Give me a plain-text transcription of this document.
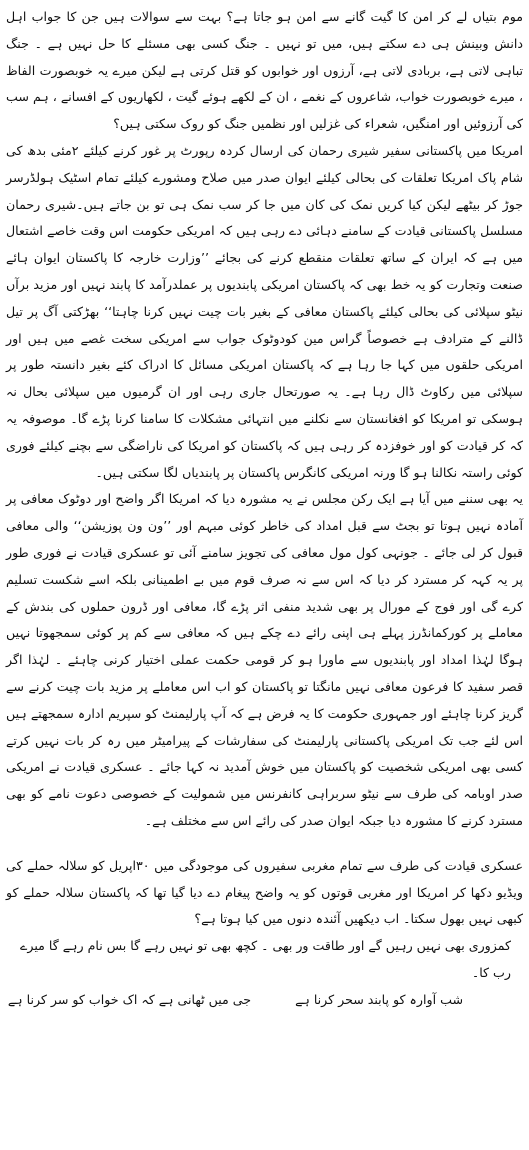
موم بتیاں لے کر امن کا گیت گانے سے امن ہو جاتا ہے؟ بہت سے سوالات ہیں جن کا جواب اہل دانش وبینش ہی دے سکتے ہیں، میں تو نہیں ۔ جنگ کسی بھی مسئلے کا حل نہیں ہے ۔ جنگ تباہی لاتی ہے، بربادی لاتی ہے، آرزوں اور خوابوں کو قتل کرتی ہے لیکن میرے یہ خوبصورت الفاظ ، میرے خوبصورت خواب، شاعروں کے نغمے ، ان کے لکھے ہوئے گیت ، لکھاریوں کے افسانے ، ہم سب کی آرزوئیں اور امنگیں، شعراء کی غزلیں اور نظمیں جنگ کو روک سکتی ہیں؟

امریکا میں پاکستانی سفیر شیری رحمان کی ارسال کردہ رپورٹ پر غور کرنے کیلئے ۲مئی بدھ کی شام پاک امریکا تعلقات کی بحالی کیلئے ایوان صدر میں صلاح ومشورے کیلئے تمام اسٹیک ہولڈرسر جوڑ کر بیٹھے لیکن کیا کریں نمک کی کان میں جا کر سب نمک ہی تو بن جاتے ہیں۔شیری رحمان مسلسل پاکستانی قیادت کے سامنے دہائی دے رہی ہیں کہ امریکی حکومت اس وقت خاصے اشتعال میں ہے کہ ایران کے ساتھ تعلقات منقطع کرنے کی بجائے ’’وزارت خارجہ کا پاکستان ایوان ہائے صنعت وتجارت کو یہ خط بھی کہ پاکستان امریکی پابندیوں پر عملدرآمد کا پابند نہیں اور مزید برآں نیٹو سپلائی کی بحالی کیلئے پاکستان معافی کے بغیر بات چیت نہیں کرنا چاہتا‘‘ بھڑکتی آگ پر تیل ڈالنے کے مترادف ہے خصوصاً گراس مین کودوٹوک جواب سے امریکی سخت غصے میں ہیں اور امریکی حلقوں میں کہا جا رہا ہے کہ پاکستان امریکی مسائل کا ادراک کئے بغیر دانستہ طور پر سپلائی میں رکاوٹ ڈال رہا ہے۔ یہ صورتحال جاری رہی اور ان گرمیوں میں سپلائی بحال نہ ہوسکی تو امریکا کو افغانستان سے نکلنے میں انتہائی مشکلات کا سامنا کرنا پڑے گا۔ موصوفہ یہ کہ کر قیادت کو اور خوفزدہ کر رہی ہیں کہ پاکستان کو امریکا کی ناراضگی سے بچنے کیلئے فوری کوئی راستہ نکالنا ہو گا ورنہ امریکی کانگرس پاکستان پر پابندیاں لگا سکتی ہیں۔

یہ بھی سننے میں آیا ہے ایک رکن مجلس نے یہ مشورہ دیا کہ امریکا اگر واضح اور دوٹوک معافی پر آمادہ نہیں ہوتا تو بجٹ سے قبل امداد کی خاطر کوئی مبہم اور ’’ون ون پوزیشن‘‘ والی معافی قبول کر لی جائے ۔ جونہی کول مول معافی کی تجویز سامنے آئی تو عسکری قیادت نے فوری طور پر یہ کہہ کر مسترد کر دیا کہ اس سے نہ صرف قوم میں بے اطمینانی بلکہ اسے شکست تسلیم کرے گی اور فوج کے مورال پر بھی شدید منفی اثر پڑے گا، معافی اور ڈرون حملوں کی بندش کے معاملے پر کورکمانڈرز پہلے ہی اپنی رائے دے چکے ہیں کہ معافی سے کم پر کوئی سمجھوتا نہیں ہوگا لہٰذا امداد اور پابندیوں سے ماورا ہو کر قومی حکمت عملی اختیار کرنی چاہئے ۔ لہٰذا اگر قصر سفید کا فرعون معافی نہیں مانگتا تو پاکستان کو اب اس معاملے پر مزید بات چیت کرنے سے گریز کرنا چاہئے اور جمہوری حکومت کا یہ فرض ہے کہ آپ پارلیمنٹ کو سپریم ادارہ سمجھتے ہیں اس لئے جب تک امریکی پاکستانی پارلیمنٹ کی سفارشات کے پیرامیٹر میں رہ کر بات نہیں کرتے کسی بھی امریکی شخصیت کو پاکستان میں خوش آمدید نہ کہا جائے ۔ عسکری قیادت نے امریکی صدر اوبامہ کی طرف سے نیٹو سربراہی کانفرنس میں شمولیت کے خصوصی دعوت نامے کو بھی مسترد کرنے کا مشورہ دیا جبکہ ایوان صدر کی رائے اس سے مختلف ہے۔

عسکری قیادت کی طرف سے تمام مغربی سفیروں کی موجودگی میں ۳۰اپریل کو سلالہ حملے کی ویڈیو دکھا کر امریکا اور مغربی قوتوں کو یہ واضح پیغام دے دیا گیا تھا کہ پاکستان سلالہ حملے کو کبھی نہیں بھول سکتا۔ اب دیکھیں آئندہ دنوں میں کیا ہوتا ہے؟

کمزوری بھی نہیں رہیں گے اور طاقت ور بھی ۔ کچھ بھی تو نہیں رہے گا بس نام رہے گا میرے رب کا۔

شب آوارہ کو پابند سحر کرنا ہے
جی میں ٹھانی ہے کہ اک خواب کو سر کرنا ہے
